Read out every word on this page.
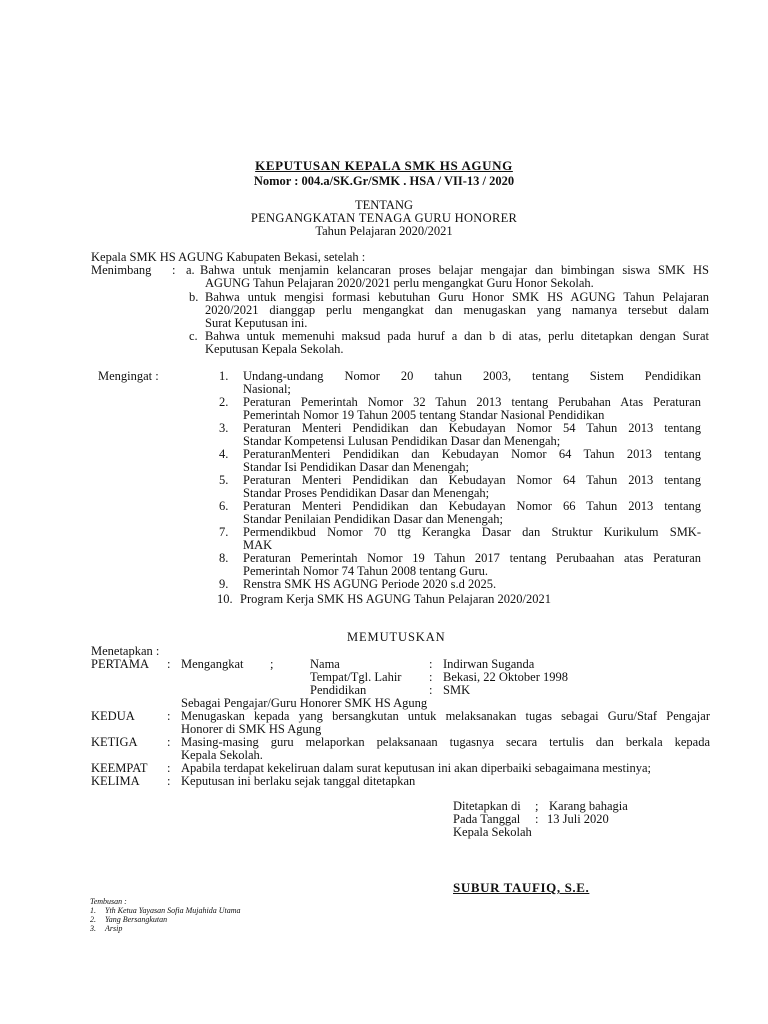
KEPUTUSAN KEPALA SMK HS AGUNG
Nomor : 004.a/SK.Gr/SMK . HSA / VII-13 / 2020
TENTANG
PENGANGKATAN TENAGA GURU HONORER
Tahun Pelajaran 2020/2021
Kepala SMK HS AGUNG Kabupaten Bekasi, setelah :
Menimbang : a. Bahwa untuk menjamin kelancaran proses belajar mengajar dan bimbingan siswa SMK HS
AGUNG Tahun Pelajaran 2020/2021 perlu mengangkat Guru Honor Sekolah.
b. Bahwa untuk mengisi formasi kebutuhan Guru Honor SMK HS AGUNG Tahun Pelajaran
2020/2021 dianggap perlu mengangkat dan menugaskan yang namanya tersebut dalam
Surat Keputusan ini.
c. Bahwa untuk memenuhi maksud pada huruf a dan b di atas, perlu ditetapkan dengan Surat
Keputusan Kepala Sekolah.
Mengingat :	1. Undang-undang Nomor 20 tahun 2003, tentang Sistem Pendidikan
Nasional;
2. Peraturan Pemerintah Nomor 32 Tahun 2013 tentang Perubahan Atas Peraturan
Pemerintah Nomor 19 Tahun 2005 tentang Standar Nasional Pendidikan
3. Peraturan Menteri Pendidikan dan Kebudayan Nomor 54 Tahun 2013 tentang
Standar Kompetensi Lulusan Pendidikan Dasar dan Menengah;
4. PeraturanMenteri Pendidikan dan Kebudayan Nomor 64 Tahun 2013 tentang
Standar Isi Pendidikan Dasar dan Menengah;
5. Peraturan Menteri Pendidikan dan Kebudayan Nomor 64 Tahun 2013 tentang
Standar Proses Pendidikan Dasar dan Menengah;
6. Peraturan Menteri Pendidikan dan Kebudayan Nomor 66 Tahun 2013 tentang
Standar Penilaian Pendidikan Dasar dan Menengah;
7. Permendikbud Nomor 70 ttg Kerangka Dasar dan Struktur Kurikulum SMK-
MAK
8. Peraturan Pemerintah Nomor 19 Tahun 2017 tentang Perubaahan atas Peraturan
Pemerintah Nomor 74 Tahun 2008 tentang Guru.
9. Renstra SMK HS AGUNG Periode 2020 s.d 2025.
10. Program Kerja SMK HS AGUNG Tahun Pelajaran 2020/2021
MEMUTUSKAN
Menetapkan :
PERTAMA : Mengangkat ;	Nama	: Indirwan Suganda
Tempat/Tgl. Lahir : Bekasi, 22 Oktober 1998
Pendidikan	: SMK
Sebagai Pengajar/Guru Honorer SMK HS Agung
KEDUA	: Menugaskan kepada yang bersangkutan untuk melaksanakan tugas sebagai Guru/Staf Pengajar
Honorer di SMK HS Agung
KETIGA : Masing-masing guru melaporkan pelaksanaan tugasnya secara tertulis dan berkala kepada
Kepala Sekolah.
KEEMPAT : Apabila terdapat kekeliruan dalam surat keputusan ini akan diperbaiki sebagaimana mestinya;
KELIMA : Keputusan ini berlaku sejak tanggal ditetapkan
Ditetapkan di ; Karang bahagia
Pada Tanggal : 13 Juli 2020
Kepala Sekolah
SUBUR TAUFIQ, S.E.
Tembusan :
1. Yth Ketua Yayasan Sofia Mujahida Utama
2. Yang Bersangkutan
3. Arsip
